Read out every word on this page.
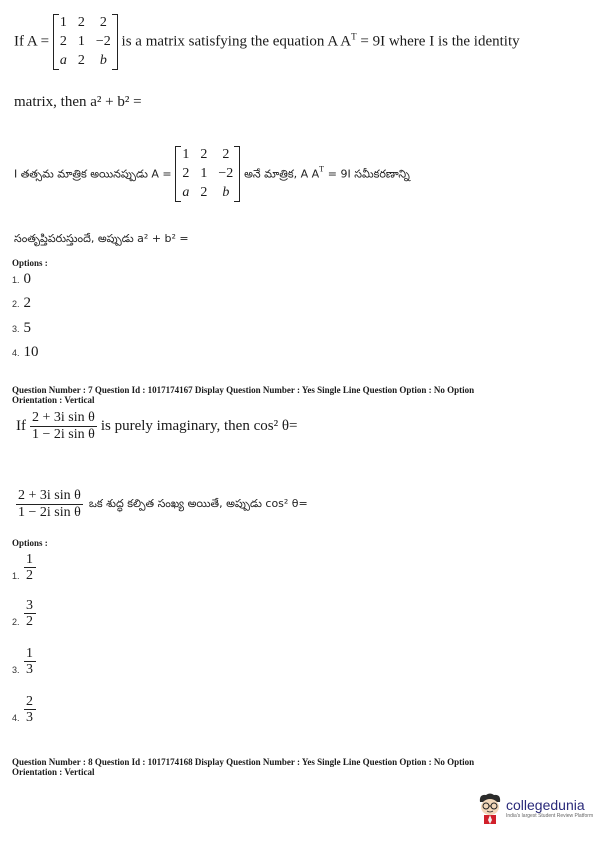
If A =
1 2 2
2 1 −2
a 2 b
is a matrix satisfying the equation A $A^T = 9I$ where I is the identity
matrix, then a² + b² =
I తత్సమ మాత్రిక అయినప్పుడు A =
1 2 2
2 1 −2
a 2 b
అనే మాత్రిక, A $A^T = 9I$ సమీకరణాన్ని
సంతృప్తిపరుస్తుందే, అప్పుడు a² + b² =
Options :
1. 0
2. 2
3. 5
4. 10
Question Number : 7 Question Id : 1017174167 Display Question Number : Yes Single Line Question Option : No Option
Orientation : Vertical
If $\frac{\text{2 + 3i sin θ}}{\text{1 − 2i sin θ}}$ is purely imaginary, then cos² θ=
$\frac{\text{2 + 3i sin θ}}{\text{1 − 2i sin θ}}$ ఒక శుద్ధ కల్పిత సంఖ్య అయితే, అప్పుడు cos² θ=
Options :
1. $\frac{1}{2}$
2. $\frac{3}{2}$
3. $\frac{1}{3}$
4. $\frac{2}{3}$
Question Number : 8 Question Id : 1017174168 Display Question Number : Yes Single Line Question Option : No Option
Orientation : Vertical
collegedunia
India's largest Student Review Platform
